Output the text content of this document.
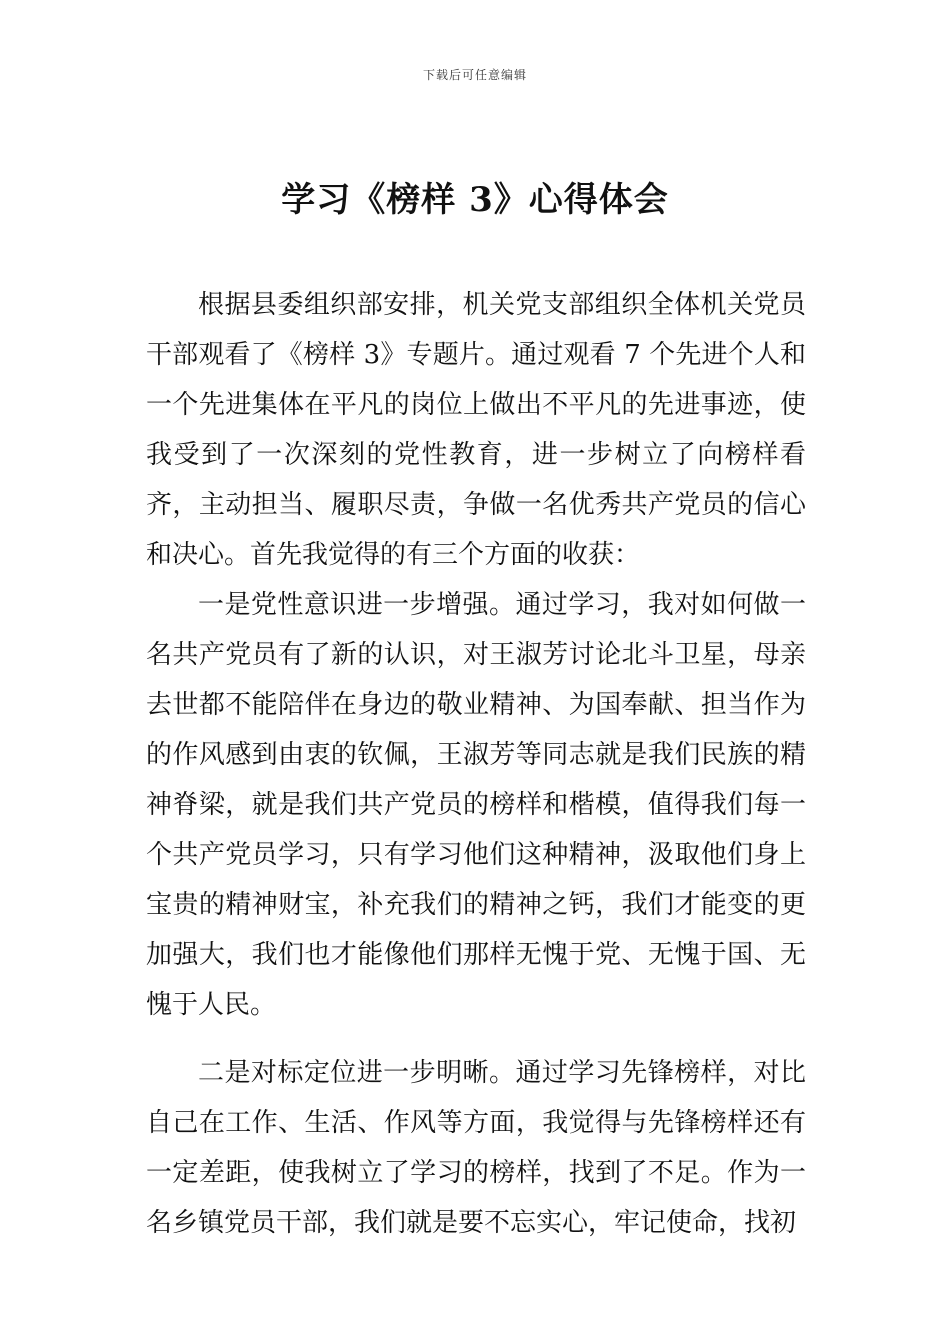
下载后可任意编辑
学习《榜样 3》心得体会

根据县委组织部安排，机关党支部组织全体机关党员干部观看了《榜样 3》专题片。通过观看 7 个先进个人和一个先进集体在平凡的岗位上做出不平凡的先进事迹，使我受到了一次深刻的党性教育，进一步树立了向榜样看齐，主动担当、履职尽责，争做一名优秀共产党员的信心和决心。首先我觉得的有三个方面的收获：

一是党性意识进一步增强。通过学习，我对如何做一名共产党员有了新的认识，对王淑芳讨论北斗卫星，母亲去世都不能陪伴在身边的敬业精神、为国奉献、担当作为的作风感到由衷的钦佩，王淑芳等同志就是我们民族的精神脊梁，就是我们共产党员的榜样和楷模，值得我们每一个共产党员学习，只有学习他们这种精神，汲取他们身上宝贵的精神财宝，补充我们的精神之钙，我们才能变的更加强大，我们也才能像他们那样无愧于党、无愧于国、无愧于人民。

二是对标定位进一步明晰。通过学习先锋榜样，对比自己在工作、生活、作风等方面，我觉得与先锋榜样还有一定差距，使我树立了学习的榜样，找到了不足。作为一名乡镇党员干部，我们就是要不忘实心，牢记使命，找初
